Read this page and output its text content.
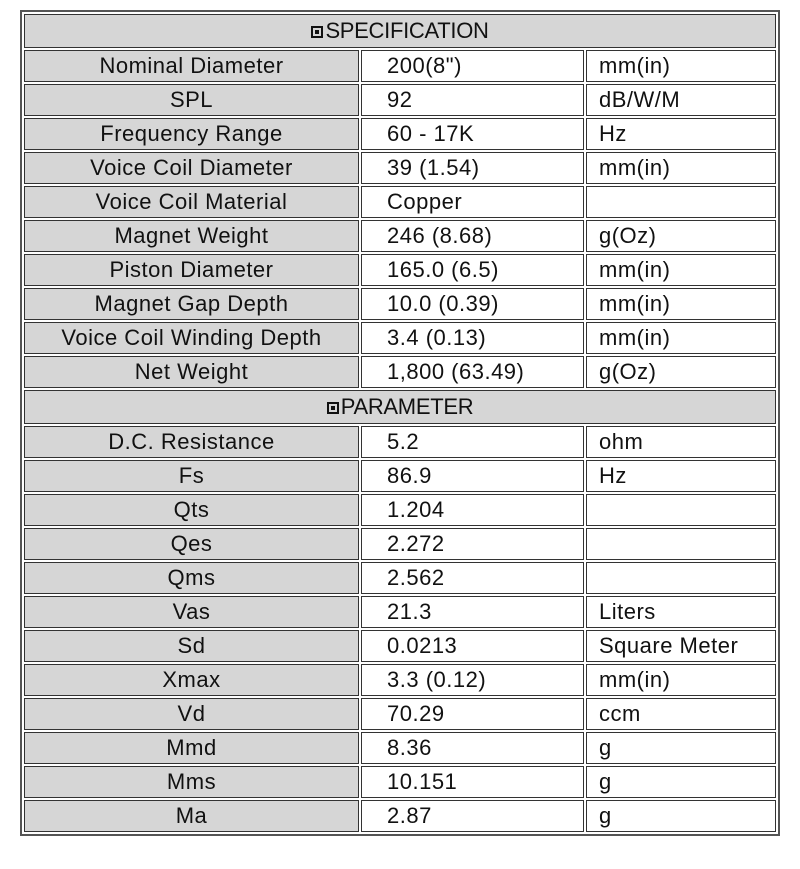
SPECIFICATION		
Nominal Diameter	200(8")	mm(in)
SPL	92	dB/W/M
Frequency Range	60 - 17K	Hz
Voice Coil Diameter	39 (1.54)	mm(in)
Voice Coil Material	Copper	
Magnet Weight	246 (8.68)	g(Oz)
Piston Diameter	165.0 (6.5)	mm(in)
Magnet Gap Depth	10.0 (0.39)	mm(in)
Voice Coil Winding Depth	3.4 (0.13)	mm(in)
Net Weight	1,800 (63.49)	g(Oz)
PARAMETER		
D.C. Resistance	5.2	ohm
Fs	86.9	Hz
Qts	1.204	
Qes	2.272	
Qms	2.562	
Vas	21.3	Liters
Sd	0.0213	Square Meter
Xmax	3.3 (0.12)	mm(in)
Vd	70.29	ccm
Mmd	8.36	g
Mms	10.151	g
Ma	2.87	g
